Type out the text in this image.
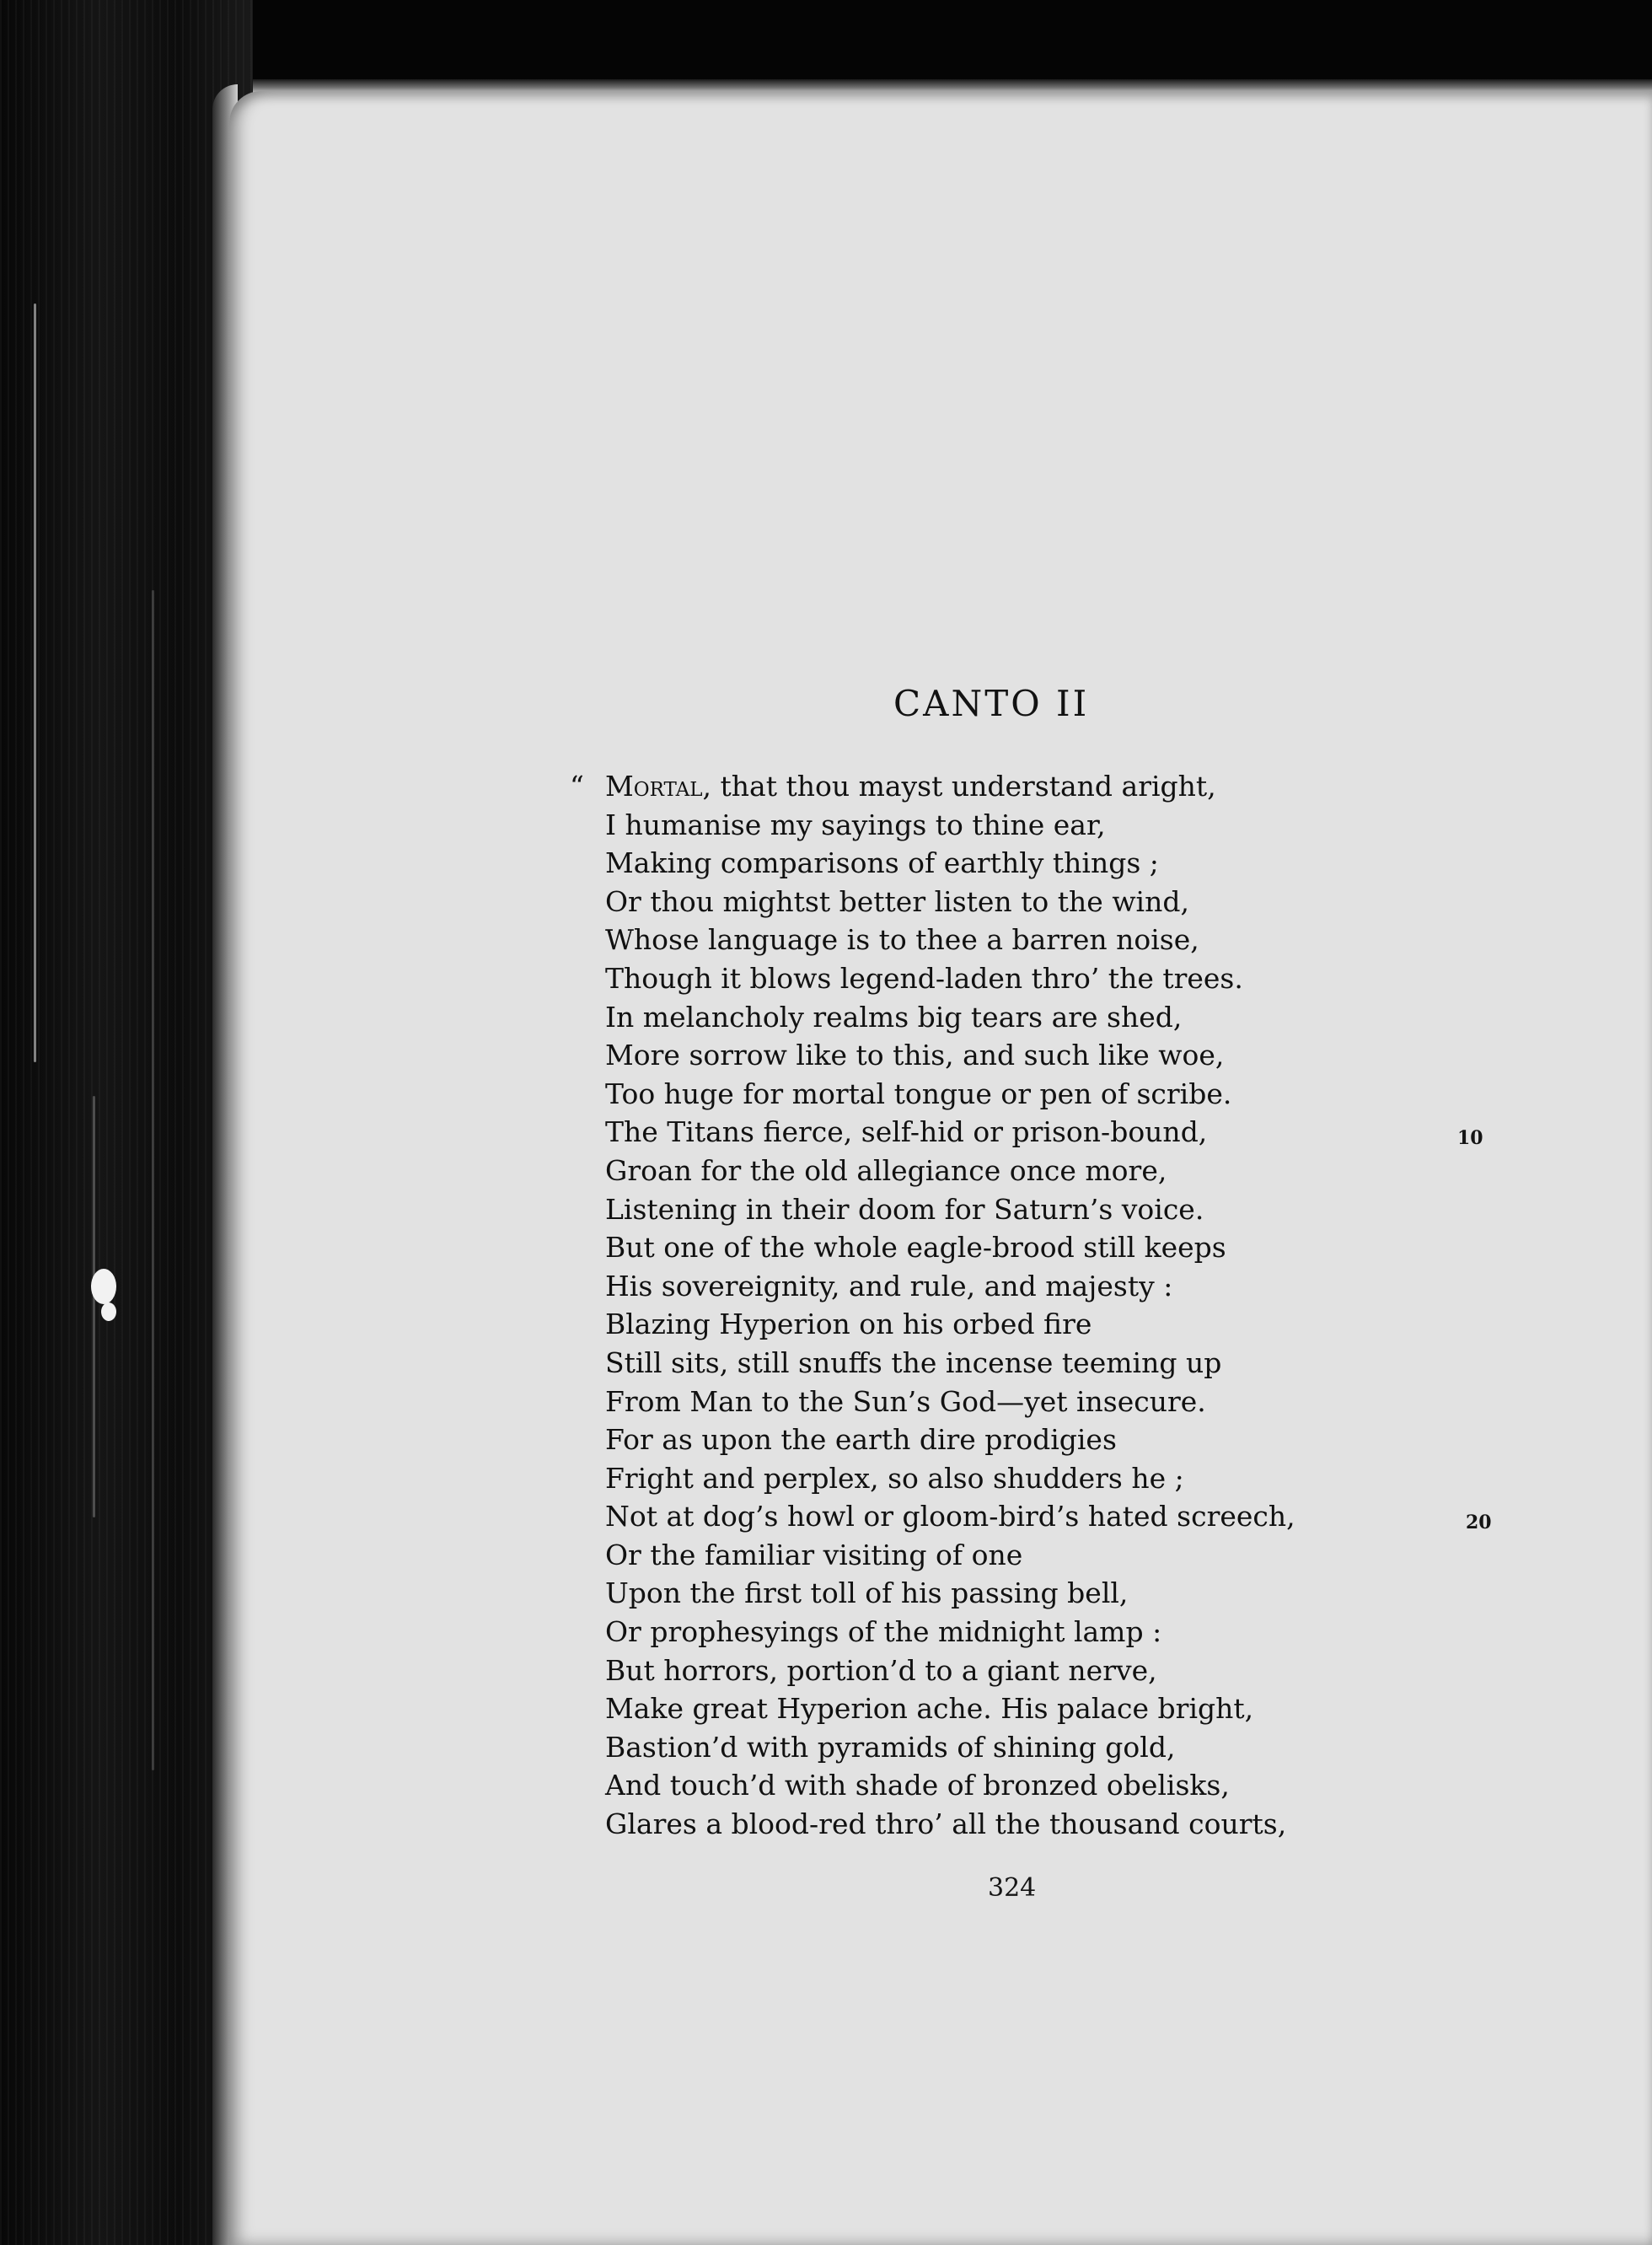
CANTO II
“ Mortal, that thou mayst understand aright,
I humanise my sayings to thine ear,
Making comparisons of earthly things ;
Or thou mightst better listen to the wind,
Whose language is to thee a barren noise,
Though it blows legend-laden thro’ the trees.
In melancholy realms big tears are shed,
More sorrow like to this, and such like woe,
Too huge for mortal tongue or pen of scribe.
The Titans fierce, self-hid or prison-bound,
Groan for the old allegiance once more,
Listening in their doom for Saturn’s voice.
But one of the whole eagle-brood still keeps
His sovereignity, and rule, and majesty :
Blazing Hyperion on his orbed fire
Still sits, still snuffs the incense teeming up
From Man to the Sun’s God—yet insecure.
For as upon the earth dire prodigies
Fright and perplex, so also shudders he ;
Not at dog’s howl or gloom-bird’s hated screech,
Or the familiar visiting of one
Upon the first toll of his passing bell,
Or prophesyings of the midnight lamp :
But horrors, portion’d to a giant nerve,
Make great Hyperion ache. His palace bright,
Bastion’d with pyramids of shining gold,
And touch’d with shade of bronzed obelisks,
Glares a blood-red thro’ all the thousand courts,
10
20
324
